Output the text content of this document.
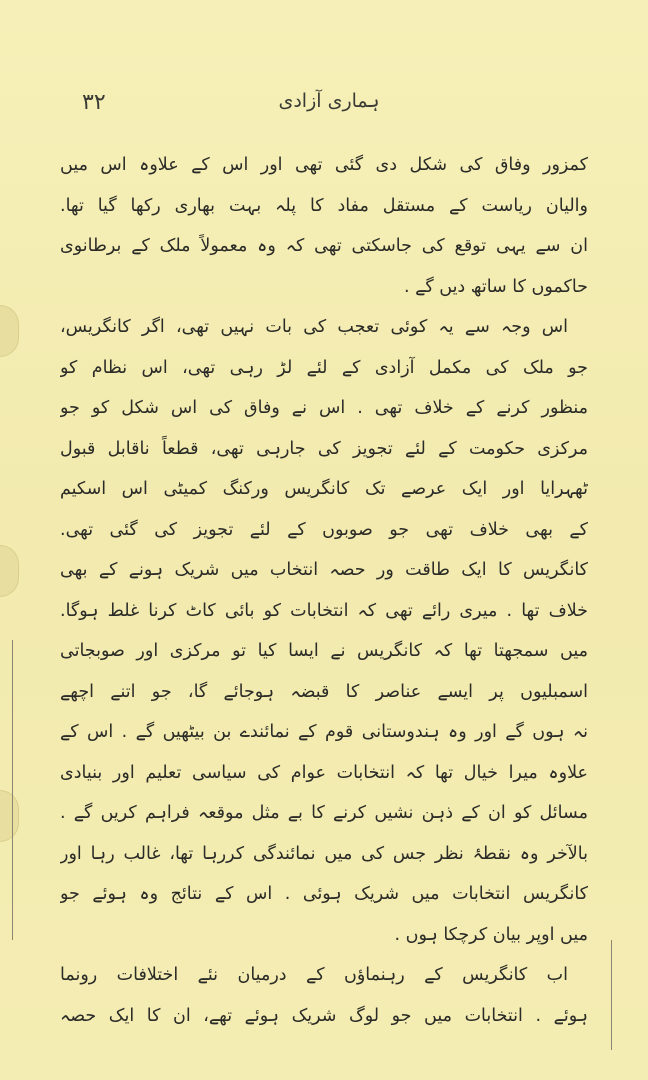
۳۲	ہماری آزادی
کمزور وفاق کی شکل دی گئی تھی اور اس کے علاوہ اس میں
والیان ریاست کے مستقل مفاد کا پلہ بہت بھاری رکھا گیا تھا.
ان سے یہی توقع کی جاسکتی تھی کہ وہ معمولاً ملک کے برطانوی
حاکموں کا ساتھ دیں گے .
اس وجہ سے یہ کوئی تعجب کی بات نہیں تھی، اگر کانگریس،
جو ملک کی مکمل آزادی کے لئے لڑ رہی تھی، اس نظام کو
منظور کرنے کے خلاف تھی . اس نے وفاق کی اس شکل کو جو
مرکزی حکومت کے لئے تجویز کی جارہی تھی، قطعاً ناقابل قبول
ٹھہرایا اور ایک عرصے تک کانگریس ورکنگ کمیٹی اس اسکیم
کے بھی خلاف تھی جو صوبوں کے لئے تجویز کی گئی تھی.
کانگریس کا ایک طاقت ور حصہ انتخاب میں شریک ہونے کے بھی
خلاف تھا . میری رائے تھی کہ انتخابات کو بائی کاٹ کرنا غلط ہوگا.
میں سمجھتا تھا کہ کانگریس نے ایسا کیا تو مرکزی اور صوبجاتی
اسمبلیوں پر ایسے عناصر کا قبضہ ہوجائے گا، جو اتنے اچھے
نہ ہوں گے اور وہ ہندوستانی قوم کے نمائندے بن بیٹھیں گے . اس کے
علاوہ میرا خیال تھا کہ انتخابات عوام کی سیاسی تعلیم اور بنیادی
مسائل کو ان کے ذہن نشیں کرنے کا بے مثل موقعہ فراہم کریں گے .
بالآخر وہ نقطۂ نظر جس کی میں نمائندگی کررہا تھا، غالب رہا اور
کانگریس انتخابات میں شریک ہوئی . اس کے نتائج وہ ہوئے جو
میں اوپر بیان کرچکا ہوں .
اب کانگریس کے رہنماؤں کے درمیان نئے اختلافات رونما
ہوئے . انتخابات میں جو لوگ شریک ہوئے تھے، ان کا ایک حصہ
